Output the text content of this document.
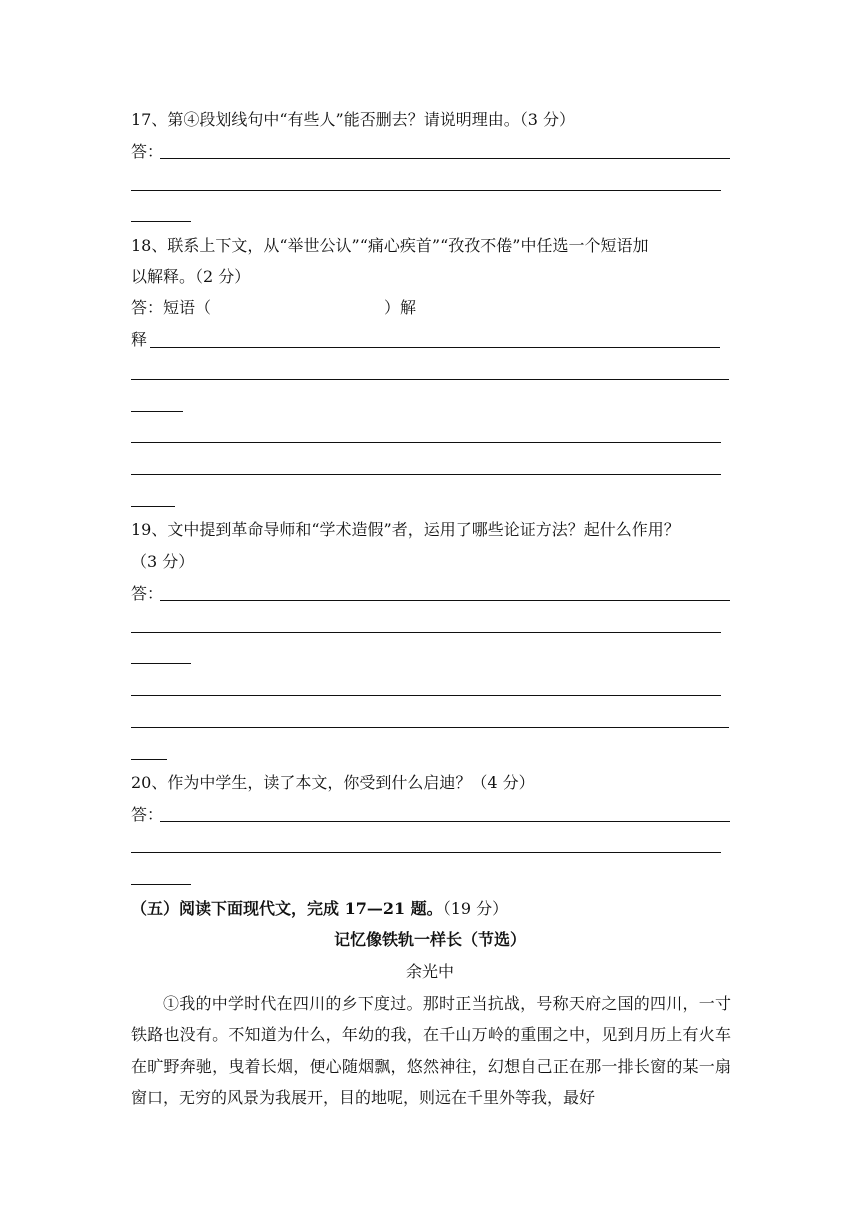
17、第④段划线句中“有些人”能否删去？请说明理由。（3 分）
答：
18、联系上下文，从“举世公认”“痛心疾首”“孜孜不倦”中任选一个短语加
以解释。（2 分）
答：短语（	）解
释
19、文中提到革命导师和“学术造假”者，运用了哪些论证方法？起什么作用？
（3 分）
答：
20、作为中学生，读了本文，你受到什么启迪？（4 分）
答：
（五）阅读下面现代文，完成 17—21 题。（19 分）
记忆像铁轨一样长（节选）
余光中
①我的中学时代在四川的乡下度过。那时正当抗战，号称天府之国的四川，一寸铁路也没有。不知道为什么，年幼的我，在千山万岭的重围之中，见到月历上有火车在旷野奔驰，曳着长烟，便心随烟飘，悠然神往，幻想自己正在那一排长窗的某一扇窗口，无穷的风景为我展开，目的地呢，则远在千里外等我，最好
